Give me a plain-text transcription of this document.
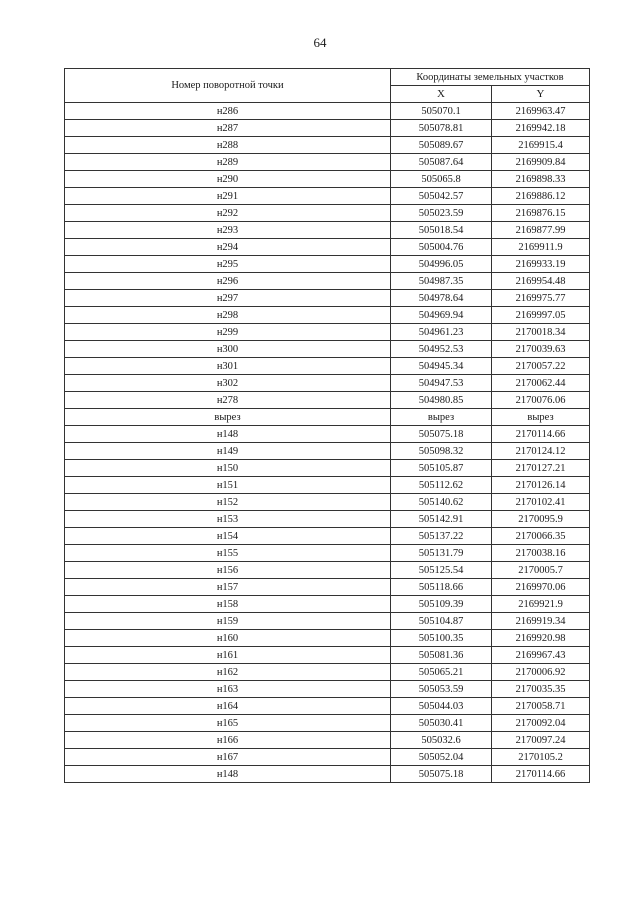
64
Номер поворотной точки	Координаты земельных участков	
	X	Y
н286	505070.1	2169963.47
н287	505078.81	2169942.18
н288	505089.67	2169915.4
н289	505087.64	2169909.84
н290	505065.8	2169898.33
н291	505042.57	2169886.12
н292	505023.59	2169876.15
н293	505018.54	2169877.99
н294	505004.76	2169911.9
н295	504996.05	2169933.19
н296	504987.35	2169954.48
н297	504978.64	2169975.77
н298	504969.94	2169997.05
н299	504961.23	2170018.34
н300	504952.53	2170039.63
н301	504945.34	2170057.22
н302	504947.53	2170062.44
н278	504980.85	2170076.06
вырез	вырез	вырез
н148	505075.18	2170114.66
н149	505098.32	2170124.12
н150	505105.87	2170127.21
н151	505112.62	2170126.14
н152	505140.62	2170102.41
н153	505142.91	2170095.9
н154	505137.22	2170066.35
н155	505131.79	2170038.16
н156	505125.54	2170005.7
н157	505118.66	2169970.06
н158	505109.39	2169921.9
н159	505104.87	2169919.34
н160	505100.35	2169920.98
н161	505081.36	2169967.43
н162	505065.21	2170006.92
н163	505053.59	2170035.35
н164	505044.03	2170058.71
н165	505030.41	2170092.04
н166	505032.6	2170097.24
н167	505052.04	2170105.2
н148	505075.18	2170114.66
